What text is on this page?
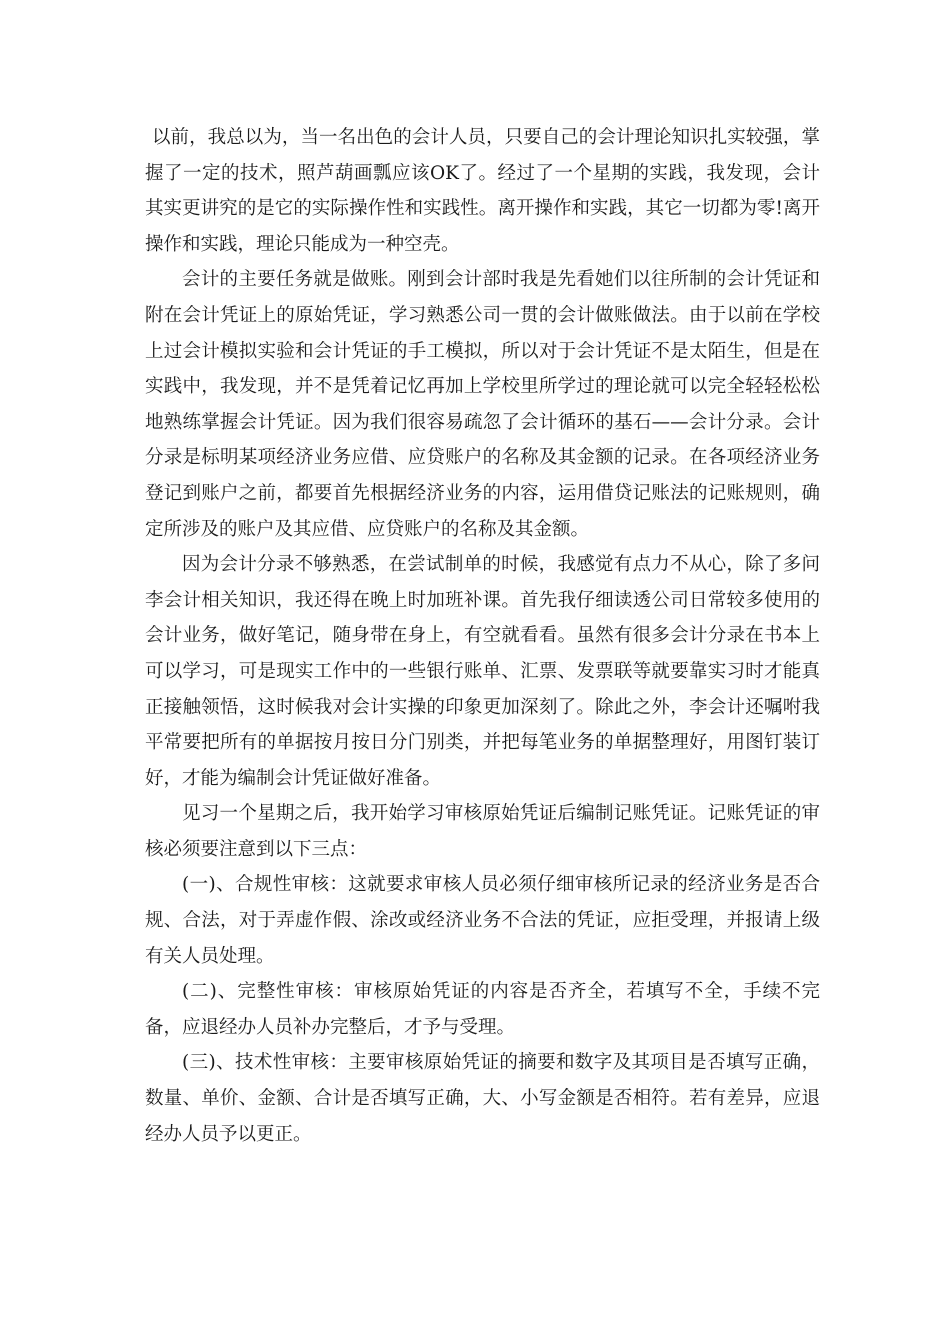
以前，我总以为，当一名出色的会计人员，只要自己的会计理论知识扎实较强，掌握了一定的技术，照芦葫画瓢应该OK了。经过了一个星期的实践，我发现，会计其实更讲究的是它的实际操作性和实践性。离开操作和实践，其它一切都为零!离开操作和实践，理论只能成为一种空壳。

会计的主要任务就是做账。刚到会计部时我是先看她们以往所制的会计凭证和附在会计凭证上的原始凭证，学习熟悉公司一贯的会计做账做法。由于以前在学校上过会计模拟实验和会计凭证的手工模拟，所以对于会计凭证不是太陌生，但是在实践中，我发现，并不是凭着记忆再加上学校里所学过的理论就可以完全轻轻松松地熟练掌握会计凭证。因为我们很容易疏忽了会计循环的基石——会计分录。会计分录是标明某项经济业务应借、应贷账户的名称及其金额的记录。在各项经济业务登记到账户之前，都要首先根据经济业务的内容，运用借贷记账法的记账规则，确定所涉及的账户及其应借、应贷账户的名称及其金额。

因为会计分录不够熟悉，在尝试制单的时候，我感觉有点力不从心，除了多问李会计相关知识，我还得在晚上时加班补课。首先我仔细读透公司日常较多使用的会计业务，做好笔记，随身带在身上，有空就看看。虽然有很多会计分录在书本上可以学习，可是现实工作中的一些银行账单、汇票、发票联等就要靠实习时才能真正接触领悟，这时候我对会计实操的印象更加深刻了。除此之外，李会计还嘱咐我平常要把所有的单据按月按日分门别类，并把每笔业务的单据整理好，用图钉装订好，才能为编制会计凭证做好准备。

见习一个星期之后，我开始学习审核原始凭证后编制记账凭证。记账凭证的审核必须要注意到以下三点：

(一)、合规性审核：这就要求审核人员必须仔细审核所记录的经济业务是否合规、合法，对于弄虚作假、涂改或经济业务不合法的凭证，应拒受理，并报请上级有关人员处理。

(二)、完整性审核：审核原始凭证的内容是否齐全，若填写不全，手续不完备，应退经办人员补办完整后，才予与受理。

(三)、技术性审核：主要审核原始凭证的摘要和数字及其项目是否填写正确，数量、单价、金额、合计是否填写正确，大、小写金额是否相符。若有差异，应退经办人员予以更正。
